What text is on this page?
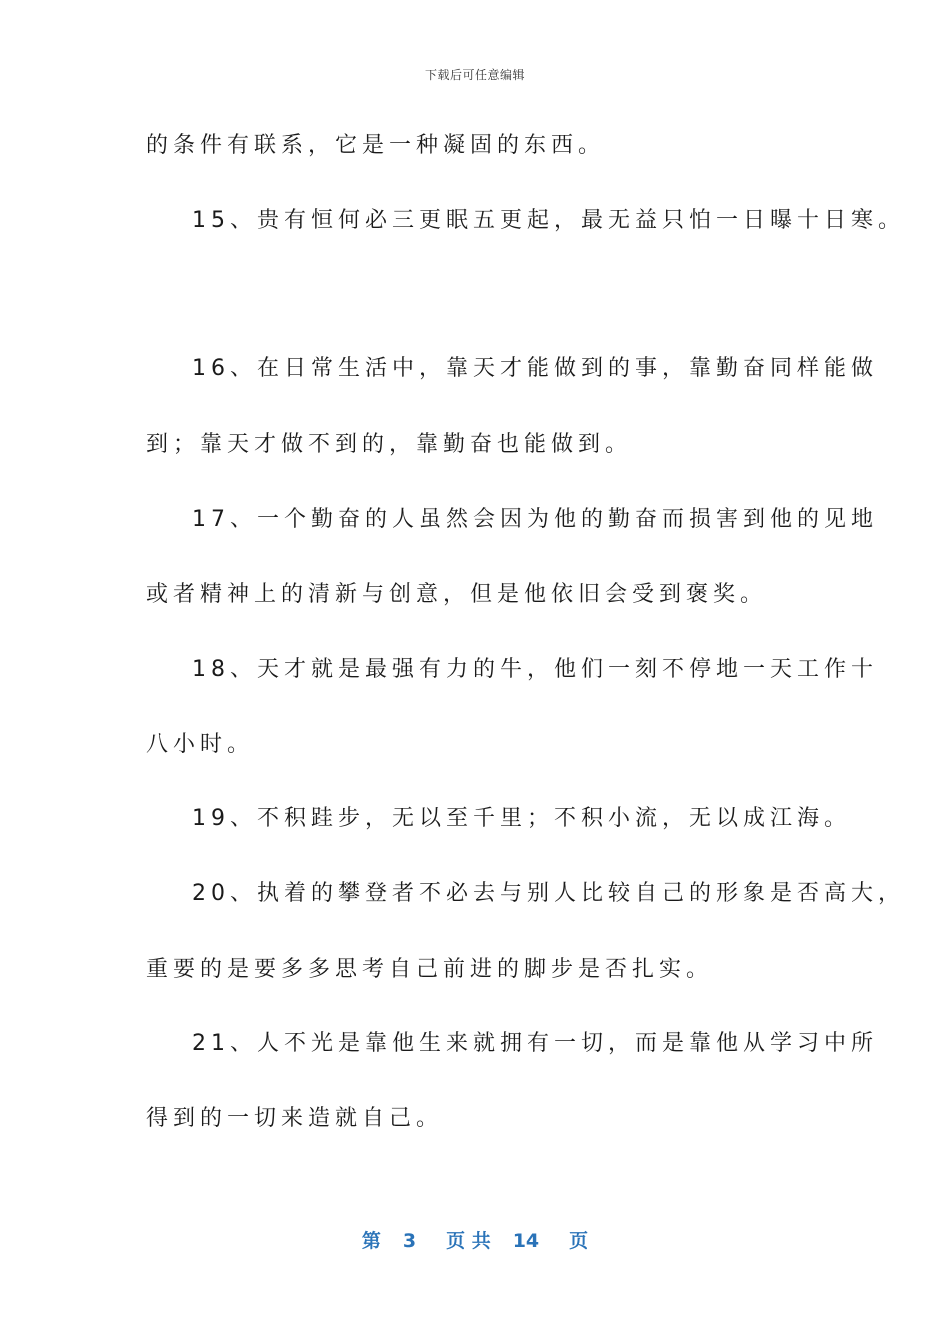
下载后可任意编辑
的条件有联系，它是一种凝固的东西。
15、贵有恒何必三更眠五更起，最无益只怕一日曝十日寒。
16、在日常生活中，靠天才能做到的事，靠勤奋同样能做
到；靠天才做不到的，靠勤奋也能做到。
17、一个勤奋的人虽然会因为他的勤奋而损害到他的见地
或者精神上的清新与创意，但是他依旧会受到褒奖。
18、天才就是最强有力的牛，他们一刻不停地一天工作十
八小时。
19、不积跬步，无以至千里；不积小流，无以成江海。
20、执着的攀登者不必去与别人比较自己的形象是否高大，
重要的是要多多思考自己前进的脚步是否扎实。
21、人不光是靠他生来就拥有一切，而是靠他从学习中所
得到的一切来造就自己。
第 3 页 共 14 页
